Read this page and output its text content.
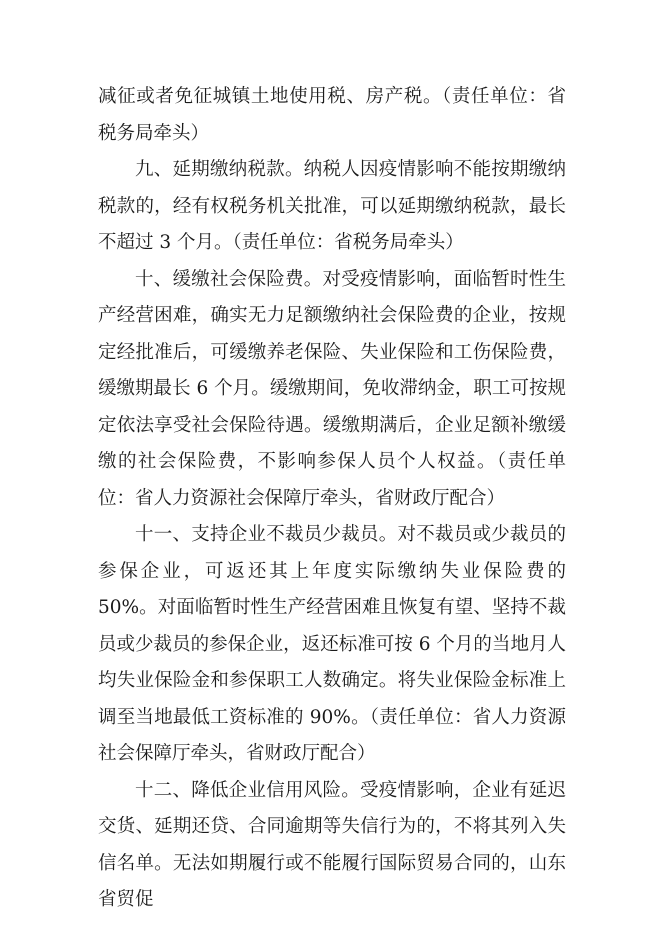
减征或者免征城镇土地使用税、房产税。（责任单位：省税务局牵头）

九、延期缴纳税款。纳税人因疫情影响不能按期缴纳税款的，经有权税务机关批准，可以延期缴纳税款，最长不超过 3 个月。（责任单位：省税务局牵头）

十、缓缴社会保险费。对受疫情影响，面临暂时性生产经营困难，确实无力足额缴纳社会保险费的企业，按规定经批准后，可缓缴养老保险、失业保险和工伤保险费，缓缴期最长 6 个月。缓缴期间，免收滞纳金，职工可按规定依法享受社会保险待遇。缓缴期满后，企业足额补缴缓缴的社会保险费，不影响参保人员个人权益。（责任单位：省人力资源社会保障厅牵头，省财政厅配合）

十一、支持企业不裁员少裁员。对不裁员或少裁员的参保企业，可返还其上年度实际缴纳失业保险费的 50%。对面临暂时性生产经营困难且恢复有望、坚持不裁员或少裁员的参保企业，返还标准可按 6 个月的当地月人均失业保险金和参保职工人数确定。将失业保险金标准上调至当地最低工资标准的 90%。（责任单位：省人力资源社会保障厅牵头，省财政厅配合）

十二、降低企业信用风险。受疫情影响，企业有延迟交货、延期还贷、合同逾期等失信行为的，不将其列入失信名单。无法如期履行或不能履行国际贸易合同的，山东省贸促
